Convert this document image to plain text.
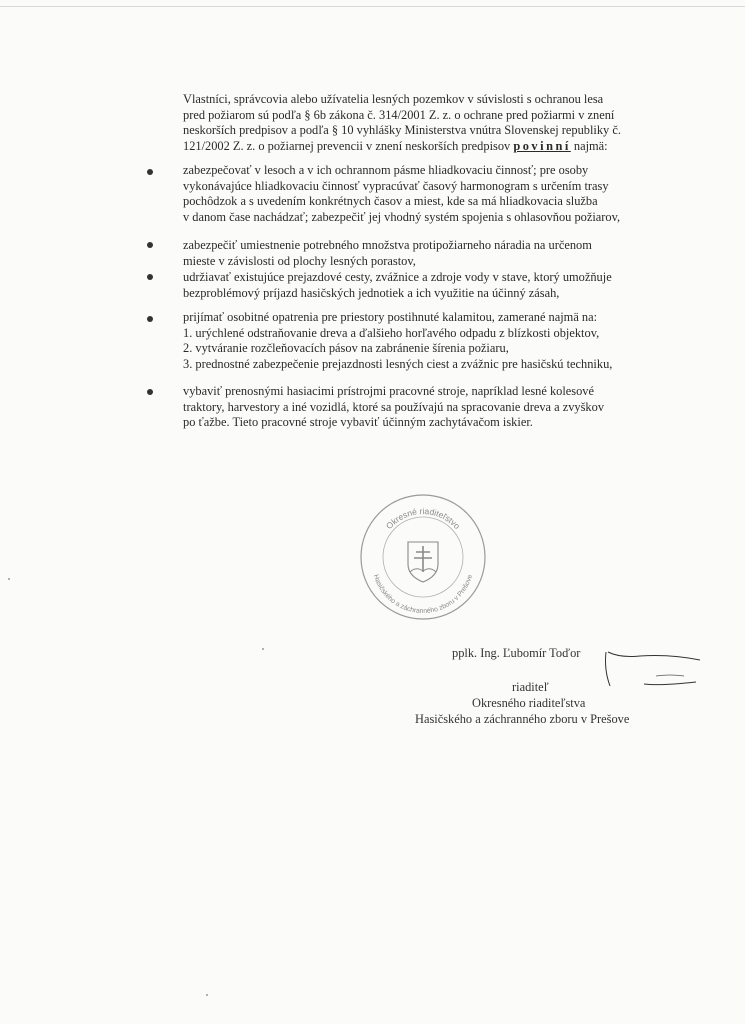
Vlastníci, správcovia alebo užívatelia lesných pozemkov v súvislosti s ochranou lesa
pred požiarom sú podľa § 6b zákona č. 314/2001 Z. z. o ochrane pred požiarmi v znení
neskorších predpisov a podľa § 10 vyhlášky Ministerstva vnútra Slovenskej republiky č.
121/2002 Z. z. o požiarnej prevencii v znení neskorších predpisov povinní najmä:
zabezpečovať v lesoch a v ich ochrannom pásme hliadkovaciu činnosť; pre osoby
vykonávajúce hliadkovaciu činnosť vypracúvať časový harmonogram s určením trasy
pochôdzok a s uvedením konkrétnych časov a miest, kde sa má hliadkovacia služba
v danom čase nachádzať; zabezpečiť jej vhodný systém spojenia s ohlasovňou požiarov,
zabezpečiť umiestnenie potrebného množstva protipožiarneho náradia na určenom
mieste v závislosti od plochy lesných porastov,
udržiavať existujúce prejazdové cesty, zvážnice a zdroje vody v stave, ktorý umožňuje
bezproblémový príjazd hasičských jednotiek a ich využitie na účinný zásah,
prijímať osobitné opatrenia pre priestory postihnuté kalamitou, zamerané najmä na:
1. urýchlené odstraňovanie dreva a ďalšieho horľavého odpadu z blízkosti objektov,
2. vytváranie rozčleňovacích pásov na zabránenie šírenia požiaru,
3. prednostné zabezpečenie prejazdnosti lesných ciest a zvážnic pre hasičskú techniku,
vybaviť prenosnými hasiacimi prístrojmi pracovné stroje, napríklad lesné kolesové
traktory, harvestory a iné vozidlá, ktoré sa používajú na spracovanie dreva a zvyškov
po ťažbe. Tieto pracovné stroje vybaviť účinným zachytávačom iskier.
Okresné riaditeľstvo
Hasičského a záchranného zboru v Prešove
pplk. Ing. Ľubomír Toďor
riaditeľ
Okresného riaditeľstva
Hasičského a záchranného zboru v Prešove
